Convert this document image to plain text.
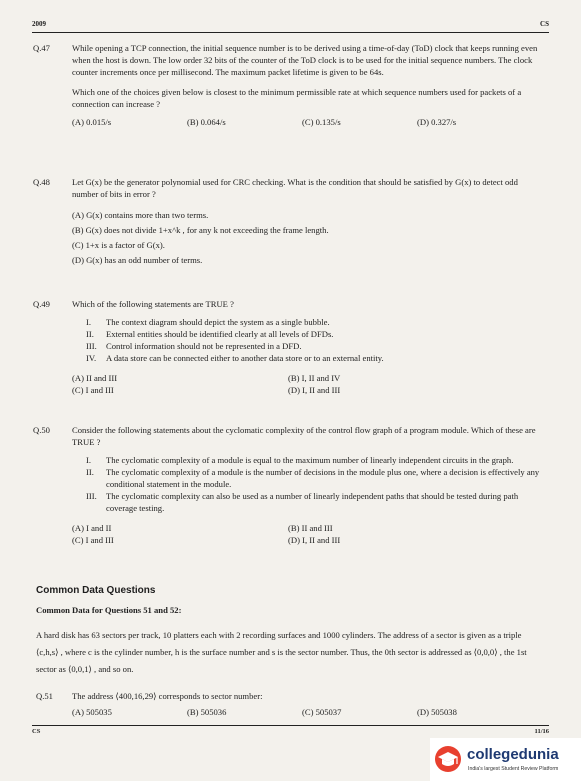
2009	CS
Q.47	While opening a TCP connection, the initial sequence number is to be derived using a time-of-day (ToD) clock that keeps running even when the host is down. The low order 32 bits of the counter of the ToD clock is to be used for the initial sequence numbers. The clock counter increments once per millisecond. The maximum packet lifetime is given to be 64s.

Which one of the choices given below is closest to the minimum permissible rate at which sequence numbers used for packets of a connection can increase ?

(A) 0.015/s	(B) 0.064/s	(C) 0.135/s	(D) 0.327/s
Q.48	Let G(x) be the generator polynomial used for CRC checking. What is the condition that should be satisfied by G(x) to detect odd number of bits in error ?

(A) G(x) contains more than two terms.
(B) G(x) does not divide 1+x^k , for any k not exceeding the frame length.
(C) 1+x is a factor of G(x).
(D) G(x) has an odd number of terms.
Q.49	Which of the following statements are TRUE ?

I.	The context diagram should depict the system as a single bubble.
II.	External entities should be identified clearly at all levels of DFDs.
III.	Control information should not be represented in a DFD.
IV.	A data store can be connected either to another data store or to an external entity.
(A) II and III	(B) I, II and IV
(C) I and III	(D) I, II and III
Q.50	Consider the following statements about the cyclomatic complexity of the control flow graph of a program module. Which of these are TRUE ?

I.	The cyclomatic complexity of a module is equal to the maximum number of linearly independent circuits in the graph.
II.	The cyclomatic complexity of a module is the number of decisions in the module plus one, where a decision is effectively any conditional statement in the module.
III.	The cyclomatic complexity can also be used as a number of linearly independent paths that should be tested during path coverage testing.
(A) I and II	(B) II and III
(C) I and III	(D) I, II and III
Common Data Questions
Common Data for Questions 51 and 52:
A hard disk has 63 sectors per track, 10 platters each with 2 recording surfaces and 1000 cylinders. The address of a sector is given as a triple ⟨c,h,s⟩ , where c is the cylinder number, h is the surface number and s is the sector number. Thus, the 0th sector is addressed as ⟨0,0,0⟩ , the 1st sector as ⟨0,0,1⟩ , and so on.
Q.51 The address ⟨400,16,29⟩ corresponds to sector number:

(A) 505035	(B) 505036	(C) 505037	(D) 505038
CS	11/16
collegedunia
India's largest Student Review Platform
